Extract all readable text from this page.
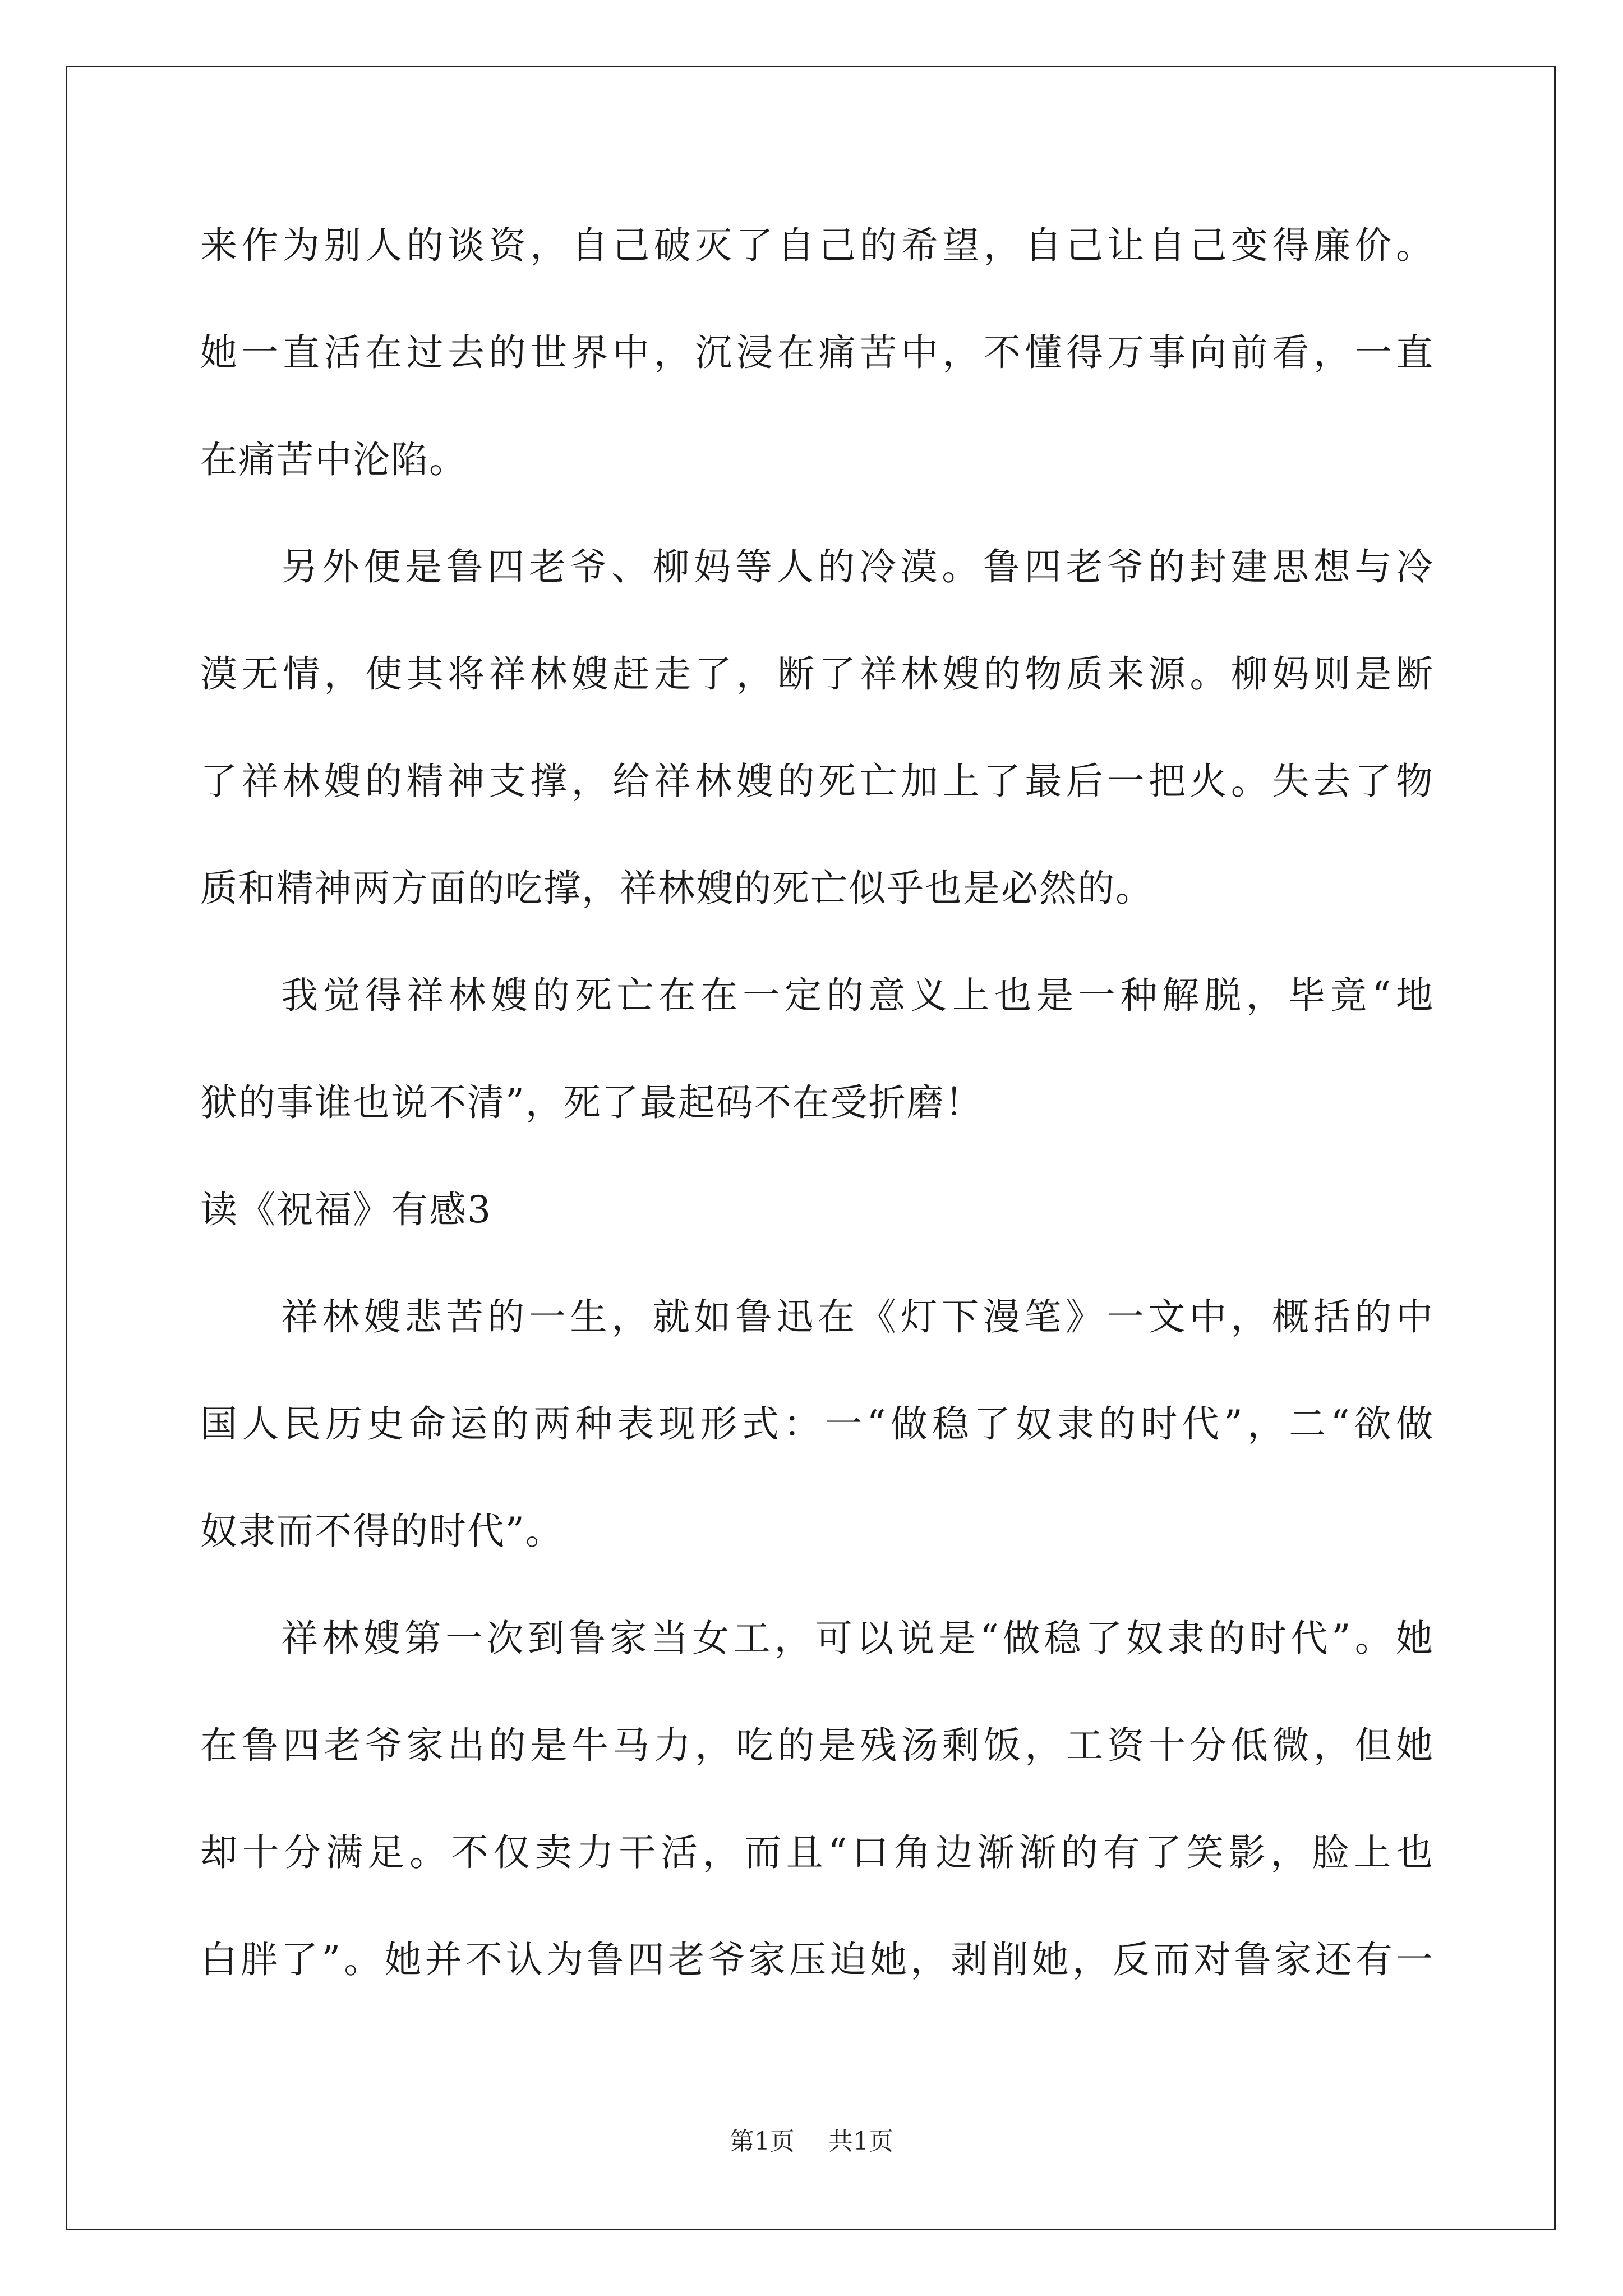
来作为别人的谈资，自己破灭了自己的希望，自己让自己变得廉价。
她一直活在过去的世界中，沉浸在痛苦中，不懂得万事向前看，一直
在痛苦中沦陷。
另外便是鲁四老爷、柳妈等人的冷漠。鲁四老爷的封建思想与冷
漠无情，使其将祥林嫂赶走了，断了祥林嫂的物质来源。柳妈则是断
了祥林嫂的精神支撑，给祥林嫂的死亡加上了最后一把火。失去了物
质和精神两方面的吃撑，祥林嫂的死亡似乎也是必然的。
我觉得祥林嫂的死亡在在一定的意义上也是一种解脱，毕竟“地
狱的事谁也说不清”，死了最起码不在受折磨！
读《祝福》有感3
祥林嫂悲苦的一生，就如鲁迅在《灯下漫笔》一文中，概括的中
国人民历史命运的两种表现形式：一“做稳了奴隶的时代”，二“欲做
奴隶而不得的时代”。
祥林嫂第一次到鲁家当女工，可以说是“做稳了奴隶的时代”。她
在鲁四老爷家出的是牛马力，吃的是残汤剩饭，工资十分低微，但她
却十分满足。不仅卖力干活，而且“口角边渐渐的有了笑影，脸上也
白胖了”。她并不认为鲁四老爷家压迫她，剥削她，反而对鲁家还有一
第1页 共1页
